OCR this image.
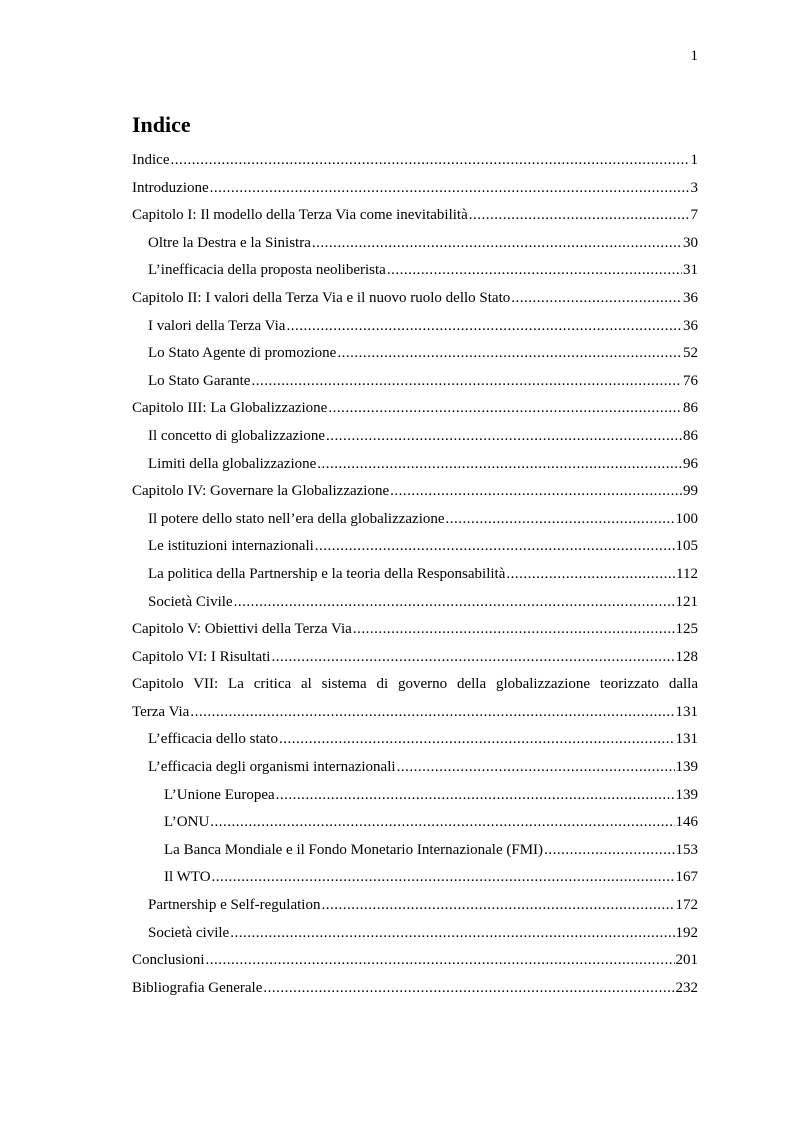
1
Indice
Indice .....	1
Introduzione .....	3
Capitolo I: Il modello della Terza Via come inevitabilità .....	7
Oltre la Destra e la Sinistra .....	30
L’inefficacia della proposta neoliberista .....	31
Capitolo II: I valori della Terza Via e il nuovo ruolo dello Stato .....	36
I valori della Terza Via .....	36
Lo Stato Agente di promozione .....	52
Lo Stato Garante .....	76
Capitolo III: La Globalizzazione .....	86
Il concetto di globalizzazione .....	86
Limiti della globalizzazione .....	96
Capitolo IV: Governare la Globalizzazione .....	99
Il potere dello stato nell’era della globalizzazione .....	100
Le istituzioni internazionali .....	105
La politica della Partnership e la teoria della Responsabilità .....	112
Società Civile .....	121
Capitolo V: Obiettivi della Terza Via .....	125
Capitolo VI: I Risultati .....	128
Capitolo VII: La critica al sistema di governo della globalizzazione teorizzato dalla
Terza Via .....	131
L’efficacia dello stato .....	131
L’efficacia degli organismi internazionali .....	139
L’Unione Europea .....	139
L’ONU .....	146
La Banca Mondiale e il Fondo Monetario Internazionale (FMI) .....	153
Il WTO .....	167
Partnership e Self-regulation .....	172
Società civile .....	192
Conclusioni .....	201
Bibliografia Generale .....	232
